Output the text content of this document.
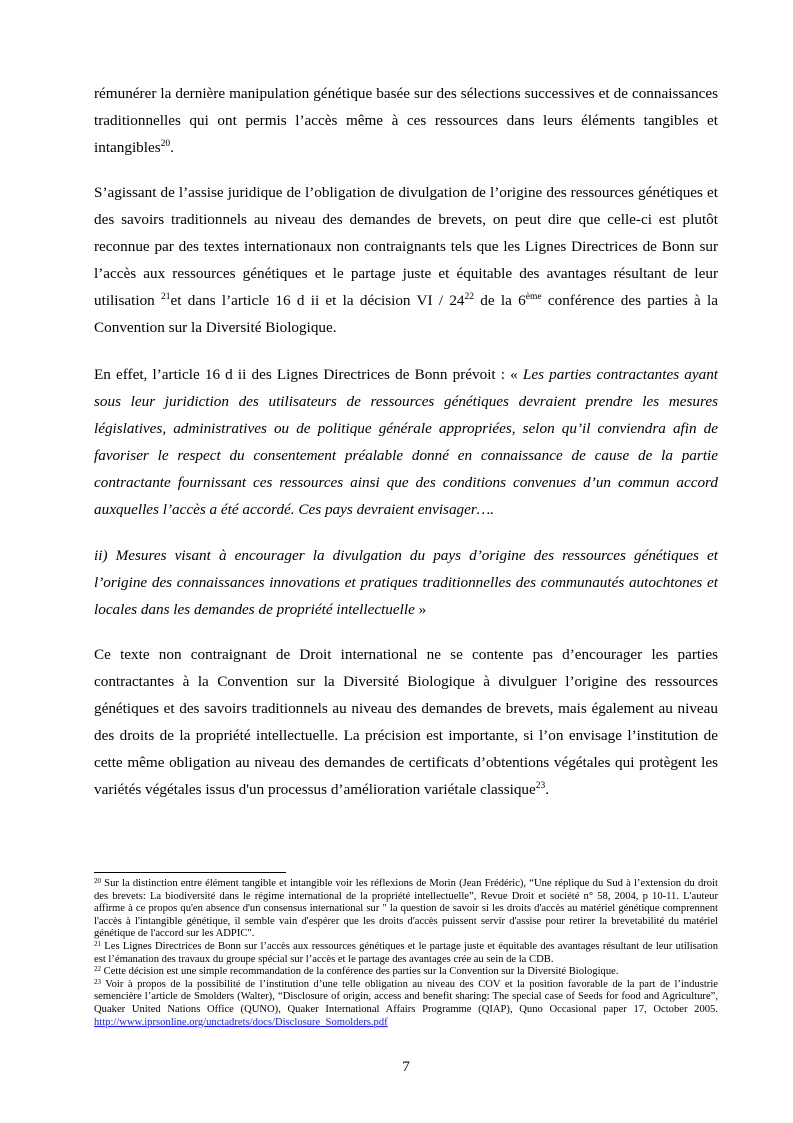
rémunérer la dernière manipulation génétique basée sur des sélections successives et de connaissances traditionnelles qui ont permis l’accès même à ces ressources dans leurs éléments tangibles et intangibles$^{20}$.

S’agissant de l’assise juridique de l’obligation de divulgation de l’origine des ressources génétiques et des savoirs traditionnels au niveau des demandes de brevets, on peut dire que celle-ci est plutôt reconnue par des textes internationaux non contraignants tels que les Lignes Directrices de Bonn sur l’accès aux ressources génétiques et le partage juste et équitable des avantages résultant de leur utilisation $^{21}$et dans l’article 16 d ii et la décision VI / $24^{22}$ de la 6ème conférence des parties à la Convention sur la Diversité Biologique.

En effet, l’article 16 d ii des Lignes Directrices de Bonn prévoit : « Les parties contractantes ayant sous leur juridiction des utilisateurs de ressources génétiques devraient prendre les mesures législatives, administratives ou de politique générale appropriées, selon qu’il conviendra afin de favoriser le respect du consentement préalable donné en connaissance de cause de la partie contractante fournissant ces ressources ainsi que des conditions convenues d’un commun accord auxquelles l’accès a été accordé. Ces pays devraient envisager….

ii) Mesures visant à encourager la divulgation du pays d’origine des ressources génétiques et l’origine des connaissances innovations et pratiques traditionnelles des communautés autochtones et locales dans les demandes de propriété intellectuelle »

Ce texte non contraignant de Droit international ne se contente pas d’encourager les parties contractantes à la Convention sur la Diversité Biologique à divulguer l’origine des ressources génétiques et des savoirs traditionnels au niveau des demandes de brevets, mais également au niveau des droits de la propriété intellectuelle. La précision est importante, si l’on envisage l’institution de cette même obligation au niveau des demandes de certificats d’obtentions végétales qui protègent les variétés végétales issus d'un processus d’amélioration variétale classique$^{23}$.

$^{20}$ Sur la distinction entre élément tangible et intangible voir les réflexions de Morin (Jean Frédéric), “Une réplique du Sud à l’extension du droit des brevets: La biodiversité dans le régime international de la propriété intellectuelle”, Revue Droit et société n° 58, 2004, p 10-11. L'auteur affirme à ce propos qu'en absence d'un consensus international sur " la question de savoir si les droits d'accès au matériel génétique comprennent l'accès à l'intangible génétique, il semble vain d'espérer que les droits d'accès puissent servir d'assise pour retirer la brevetabilité du matériel génétique de l'accord sur les ADPIC".

$^{21}$ Les Lignes Directrices de Bonn sur l’accès aux ressources génétiques et le partage juste et équitable des avantages résultant de leur utilisation est l’émanation des travaux du groupe spécial sur l’accès et le partage des avantages crée au sein de la CDB.

$^{22}$ Cette décision est une simple recommandation de la conférence des parties sur la Convention sur la Diversité Biologique.

$^{23}$ Voir à propos de la possibilité de l’institution d’une telle obligation au niveau des COV et la position favorable de la part de l’industrie semencière l’article de Smolders (Walter), “Disclosure of origin, access and benefit sharing: The special case of Seeds for food and Agriculture”, Quaker United Nations Office (QUNO), Quaker International Affairs Programme (QIAP), Quno Occasional paper 17, October 2005. http://www.iprsonline.org/unctadrets/docs/Disclosure_Somolders.pdf

7
